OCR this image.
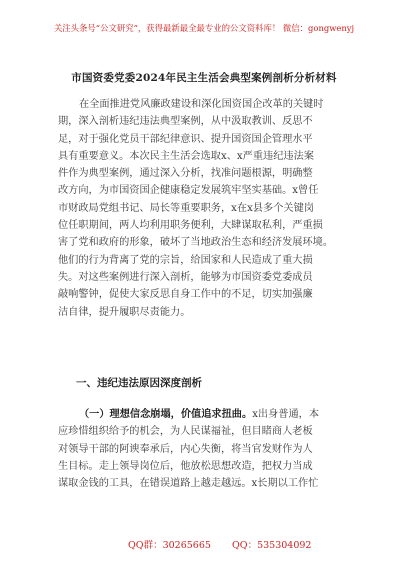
关注头条号“公文研究”，获得最新最全最专业的公文资料库！ 微信：gongwenyj
市国资委党委2024年民主生活会典型案例剖析分析材料
在全面推进党风廉政建设和深化国资国企改革的关键时
期，深入剖析违纪违法典型案例，从中汲取教训、反思不
足，对于强化党员干部纪律意识、提升国资国企管理水平
具有重要意义。本次民主生活会选取x、x严重违纪违法案
件作为典型案例，通过深入分析，找准问题根源，明确整
改方向，为市国资国企健康稳定发展筑牢坚实基础。x曾任
市财政局党组书记、局长等重要职务，x在x县多个关键岗
位任职期间，两人均利用职务便利，大肆谋取私利，严重损
害了党和政府的形象，破坏了当地政治生态和经济发展环境。
他们的行为背离了党的宗旨，给国家和人民造成了重大损
失。对这些案例进行深入剖析，能够为市国资委党委成员
敲响警钟，促使大家反思自身工作中的不足，切实加强廉
洁自律，提升履职尽责能力。
一、违纪违法原因深度剖析
（一）理想信念崩塌，价值追求扭曲。x出身普通，本
应珍惜组织给予的机会，为人民谋福祉，但目睹商人老板
对领导干部的阿谀奉承后，内心失衡，将当官发财作为人
生目标。走上领导岗位后，他放松思想改造，把权力当成
谋取金钱的工具，在错误道路上越走越远。x长期以工作忙
QQ群：30265665 QQ：535304092
